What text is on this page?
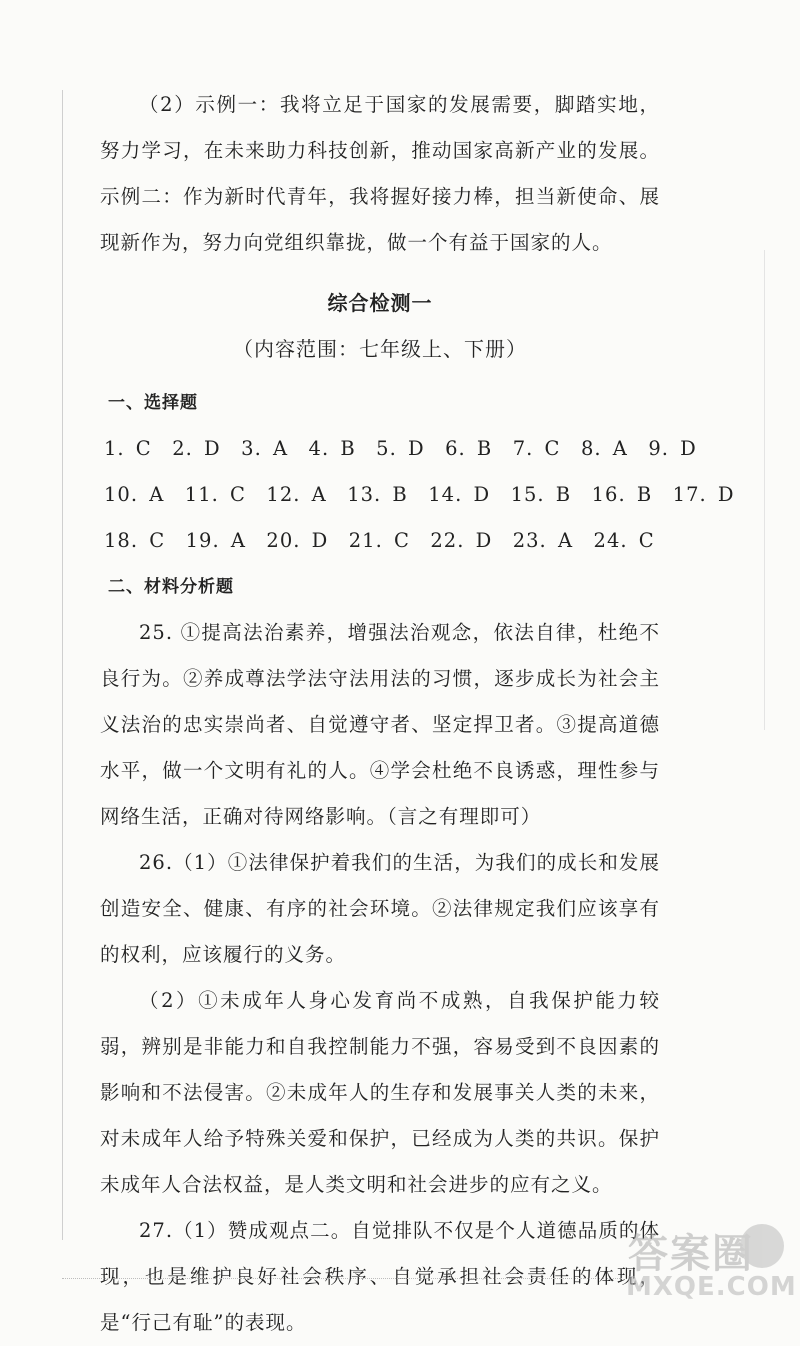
（2）示例一：我将立足于国家的发展需要，脚踏实地，努力学习，在未来助力科技创新，推动国家高新产业的发展。示例二：作为新时代青年，我将握好接力棒，担当新使命、展现新作为，努力向党组织靠拢，做一个有益于国家的人。

综合检测一
（内容范围：七年级上、下册）
一、选择题
1. C　2. D　3. A　4. B　5. D　6. B　7. C　8. A　9. D
10. A　11. C　12. A　13. B　14. D　15. B　16. B　17. D
18. C　19. A　20. D　21. C　22. D　23. A　24. C
二、材料分析题

25. ①提高法治素养，增强法治观念，依法自律，杜绝不良行为。②养成尊法学法守法用法的习惯，逐步成长为社会主义法治的忠实崇尚者、自觉遵守者、坚定捍卫者。③提高道德水平，做一个文明有礼的人。④学会杜绝不良诱惑，理性参与网络生活，正确对待网络影响。（言之有理即可）

26.（1）①法律保护着我们的生活，为我们的成长和发展创造安全、健康、有序的社会环境。②法律规定我们应该享有的权利，应该履行的义务。

（2）①未成年人身心发育尚不成熟，自我保护能力较弱，辨别是非能力和自我控制能力不强，容易受到不良因素的影响和不法侵害。②未成年人的生存和发展事关人类的未来，对未成年人给予特殊关爱和保护，已经成为人类的共识。保护未成年人合法权益，是人类文明和社会进步的应有之义。

27.（1）赞成观点二。自觉排队不仅是个人道德品质的体现，也是维护良好社会秩序、自觉承担社会责任的体现，是“行己有耻”的表现。

答案圈
MXQE.COM
